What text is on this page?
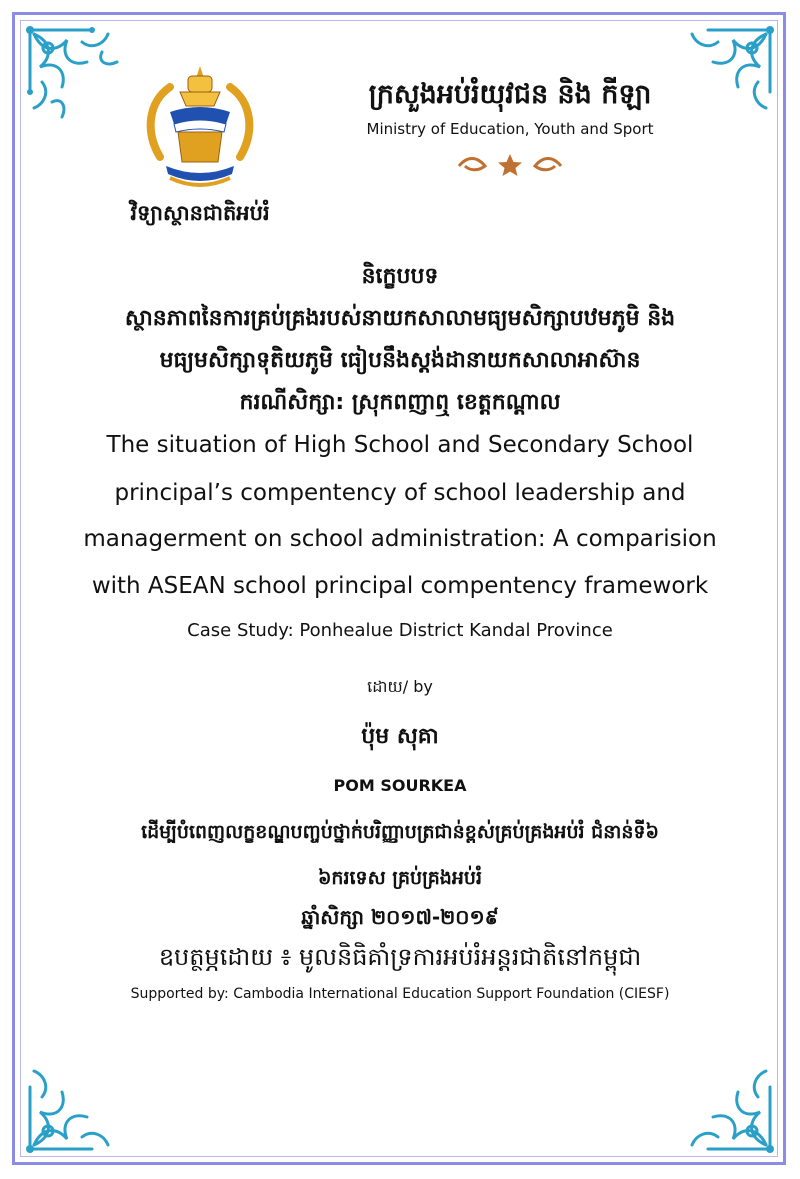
វិទ្យាស្ថានជាតិអប់រំ
ក្រសួងអប់រំយុវជន និង កីឡា
Ministry of Education, Youth and Sport
និក្ខេបបទ
ស្ថានភាពនៃការគ្រប់គ្រងរបស់នាយកសាលាមធ្យមសិក្សាបឋមភូមិ និង
មធ្យមសិក្សាទុតិយភូមិ ធៀបនឹងស្តង់ដានាយកសាលាអាស៊ាន
ករណីសិក្សា: ស្រុកពញាឮ ខេត្តកណ្តាល
The situation of High School and Secondary School
principal’s compentency of school leadership and
managerment on school administration: A comparision
with ASEAN school principal compentency framework
Case Study: Ponhealue District Kandal Province
ដោយ/ by
ប៉ុម សុគា
POM SOURKEA
ដើម្បីបំពេញលក្ខខណ្ឌបញ្ចប់ថ្នាក់បរិញ្ញាបត្រជាន់ខ្ពស់គ្រប់គ្រងអប់រំ ជំនាន់ទី៦
៦ករទេស គ្រប់គ្រងអប់រំ
ឆ្នាំសិក្សា ២០១៧-២០១៩
ឧបត្ថម្ភដោយ ៖ មូលនិធិគាំទ្រការអប់រំអន្តរជាតិនៅកម្ពុជា
Supported by: Cambodia International Education Support Foundation (CIESF)
